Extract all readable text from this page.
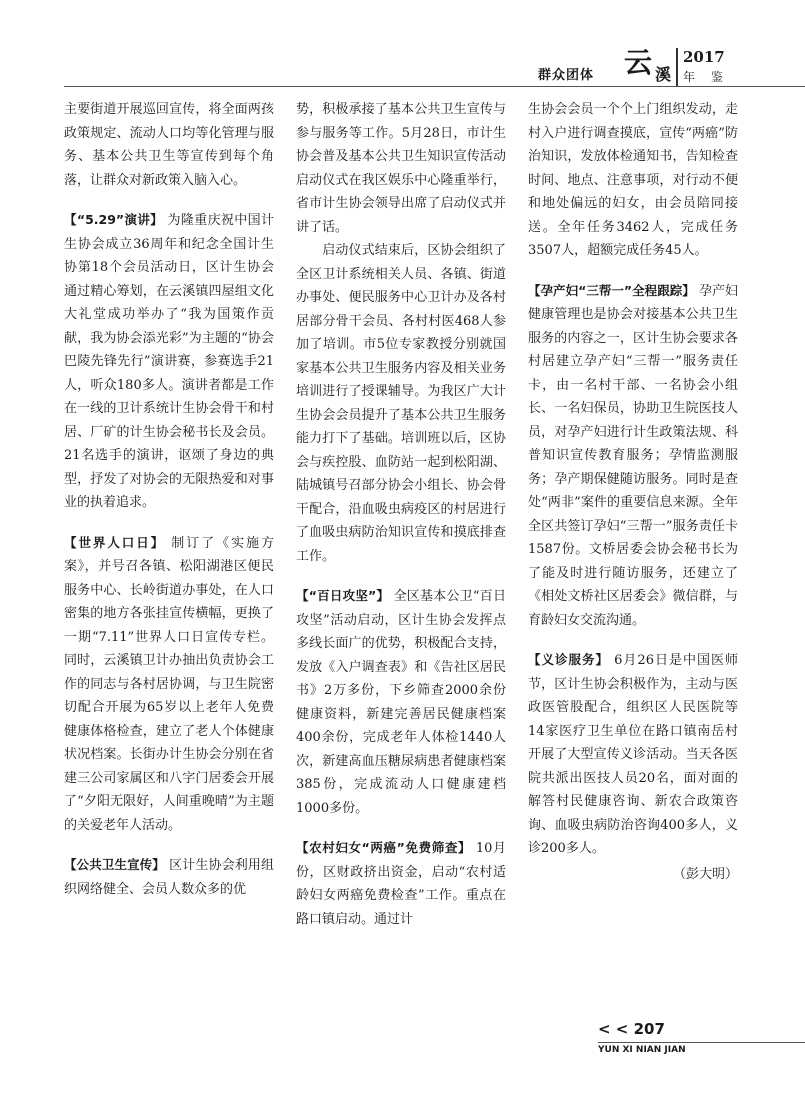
群众团体 云 溪
2017
年 鉴

主要街道开展巡回宣传，将全面两孩政策规定、流动人口均等化管理与服务、基本公共卫生等宣传到每个角落，让群众对新政策入脑入心。

【“5.29”演讲】 为隆重庆祝中国计生协会成立36周年和纪念全国计生协第18个会员活动日，区计生协会通过精心筹划，在云溪镇四屋组文化大礼堂成功举办了“我为国策作贡献，我为协会添光彩”为主题的“协会巴陵先锋先行”演讲赛，参赛选手21人，听众180多人。演讲者都是工作在一线的卫计系统计生协会骨干和村居、厂矿的计生协会秘书长及会员。21名选手的演讲，讴颂了身边的典型，抒发了对协会的无限热爱和对事业的执着追求。

【世界人口日】 制订了《实施方案》，并号召各镇、松阳湖港区便民服务中心、长岭街道办事处，在人口密集的地方各张挂宣传横幅，更换了一期“7.11”世界人口日宣传专栏。同时，云溪镇卫计办抽出负责协会工作的同志与各村居协调，与卫生院密切配合开展为65岁以上老年人免费健康体格检查，建立了老人个体健康状况档案。长街办计生协会分别在省建三公司家属区和八字门居委会开展了“夕阳无限好，人间重晚晴”为主题的关爱老年人活动。

【公共卫生宣传】 区计生协会利用组织网络健全、会员人数众多的优

势，积极承接了基本公共卫生宣传与参与服务等工作。5月28日，市计生协会普及基本公共卫生知识宣传活动启动仪式在我区娱乐中心隆重举行，省市计生协会领导出席了启动仪式并讲了话。

　　启动仪式结束后，区协会组织了全区卫计系统相关人员、各镇、街道办事处、便民服务中心卫计办及各村居部分骨干会员、各村村医468人参加了培训。市5位专家教授分别就国家基本公共卫生服务内容及相关业务培训进行了授课辅导。为我区广大计生协会会员提升了基本公共卫生服务能力打下了基础。培训班以后，区协会与疾控股、血防站一起到松阳湖、陆城镇号召部分协会小组长、协会骨干配合，沿血吸虫病疫区的村居进行了血吸虫病防治知识宣传和摸底排查工作。

【“百日攻坚”】 全区基本公卫“百日攻坚”活动启动，区计生协会发挥点多线长面广的优势，积极配合支持，发放《入户调查表》和《告社区居民书》2万多份，下乡筛查2000余份健康资料，新建完善居民健康档案400余份，完成老年人体检1440人次，新建高血压糖尿病患者健康档案385份，完成流动人口健康建档1000多份。

【农村妇女“两癌”免费筛查】 10月份，区财政挤出资金，启动“农村适龄妇女两癌免费检查”工作。重点在路口镇启动。通过计

生协会会员一个个上门组织发动，走村入户进行调查摸底，宣传“两癌”防治知识，发放体检通知书，告知检查时间、地点、注意事项，对行动不便和地处偏远的妇女，由会员陪同接送。全年任务3462人，完成任务3507人，超额完成任务45人。

【孕产妇“三帮一”全程跟踪】 孕产妇健康管理也是协会对接基本公共卫生服务的内容之一，区计生协会要求各村居建立孕产妇“三帮一”服务责任卡，由一名村干部、一名协会小组长、一名妇保员，协助卫生院医技人员，对孕产妇进行计生政策法规、科普知识宣传教育服务；孕情监测服务；孕产期保健随访服务。同时是查处“两非”案件的重要信息来源。全年全区共签订孕妇“三帮一”服务责任卡1587份。文桥居委会协会秘书长为了能及时进行随访服务，还建立了《相处文桥社区居委会》微信群，与育龄妇女交流沟通。

【义诊服务】 6月26日是中国医师节，区计生协会积极作为，主动与医政医管股配合，组织区人民医院等14家医疗卫生单位在路口镇南岳村开展了大型宣传义诊活动。当天各医院共派出医技人员20名，面对面的解答村民健康咨询、新农合政策咨询、血吸虫病防治咨询400多人，义诊200多人。
（彭大明）

< < 207
YUN XI NIAN JIAN
